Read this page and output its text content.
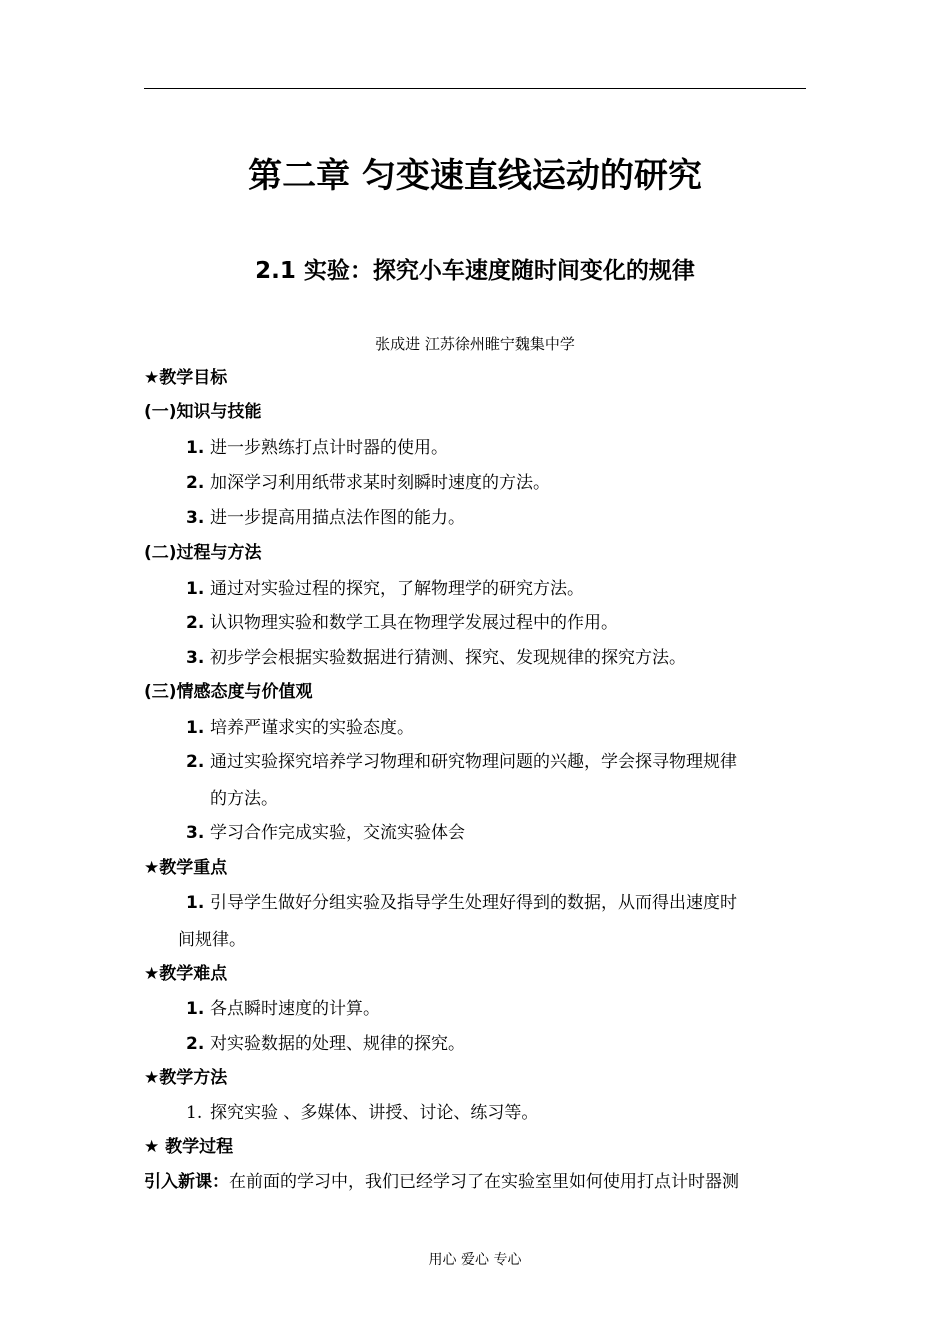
第二章 匀变速直线运动的研究
2.1 实验：探究小车速度随时间变化的规律
张成进 江苏徐州睢宁魏集中学
★教学目标
(一)知识与技能
1. 进一步熟练打点计时器的使用。
2. 加深学习利用纸带求某时刻瞬时速度的方法。
3. 进一步提高用描点法作图的能力。
(二)过程与方法
1. 通过对实验过程的探究，了解物理学的研究方法。
2. 认识物理实验和数学工具在物理学发展过程中的作用。
3. 初步学会根据实验数据进行猜测、探究、发现规律的探究方法。
(三)情感态度与价值观
1. 培养严谨求实的实验态度。
2. 通过实验探究培养学习物理和研究物理问题的兴趣，学会探寻物理规律
的方法。
3. 学习合作完成实验，交流实验体会
★教学重点
1. 引导学生做好分组实验及指导学生处理好得到的数据，从而得出速度时
间规律。
★教学难点
1. 各点瞬时速度的计算。
2. 对实验数据的处理、规律的探究。
★教学方法
1. 探究实验 、多媒体、讲授、讨论、练习等。
★ 教学过程
引入新课：在前面的学习中，我们已经学习了在实验室里如何使用打点计时器测
用心 爱心 专心
